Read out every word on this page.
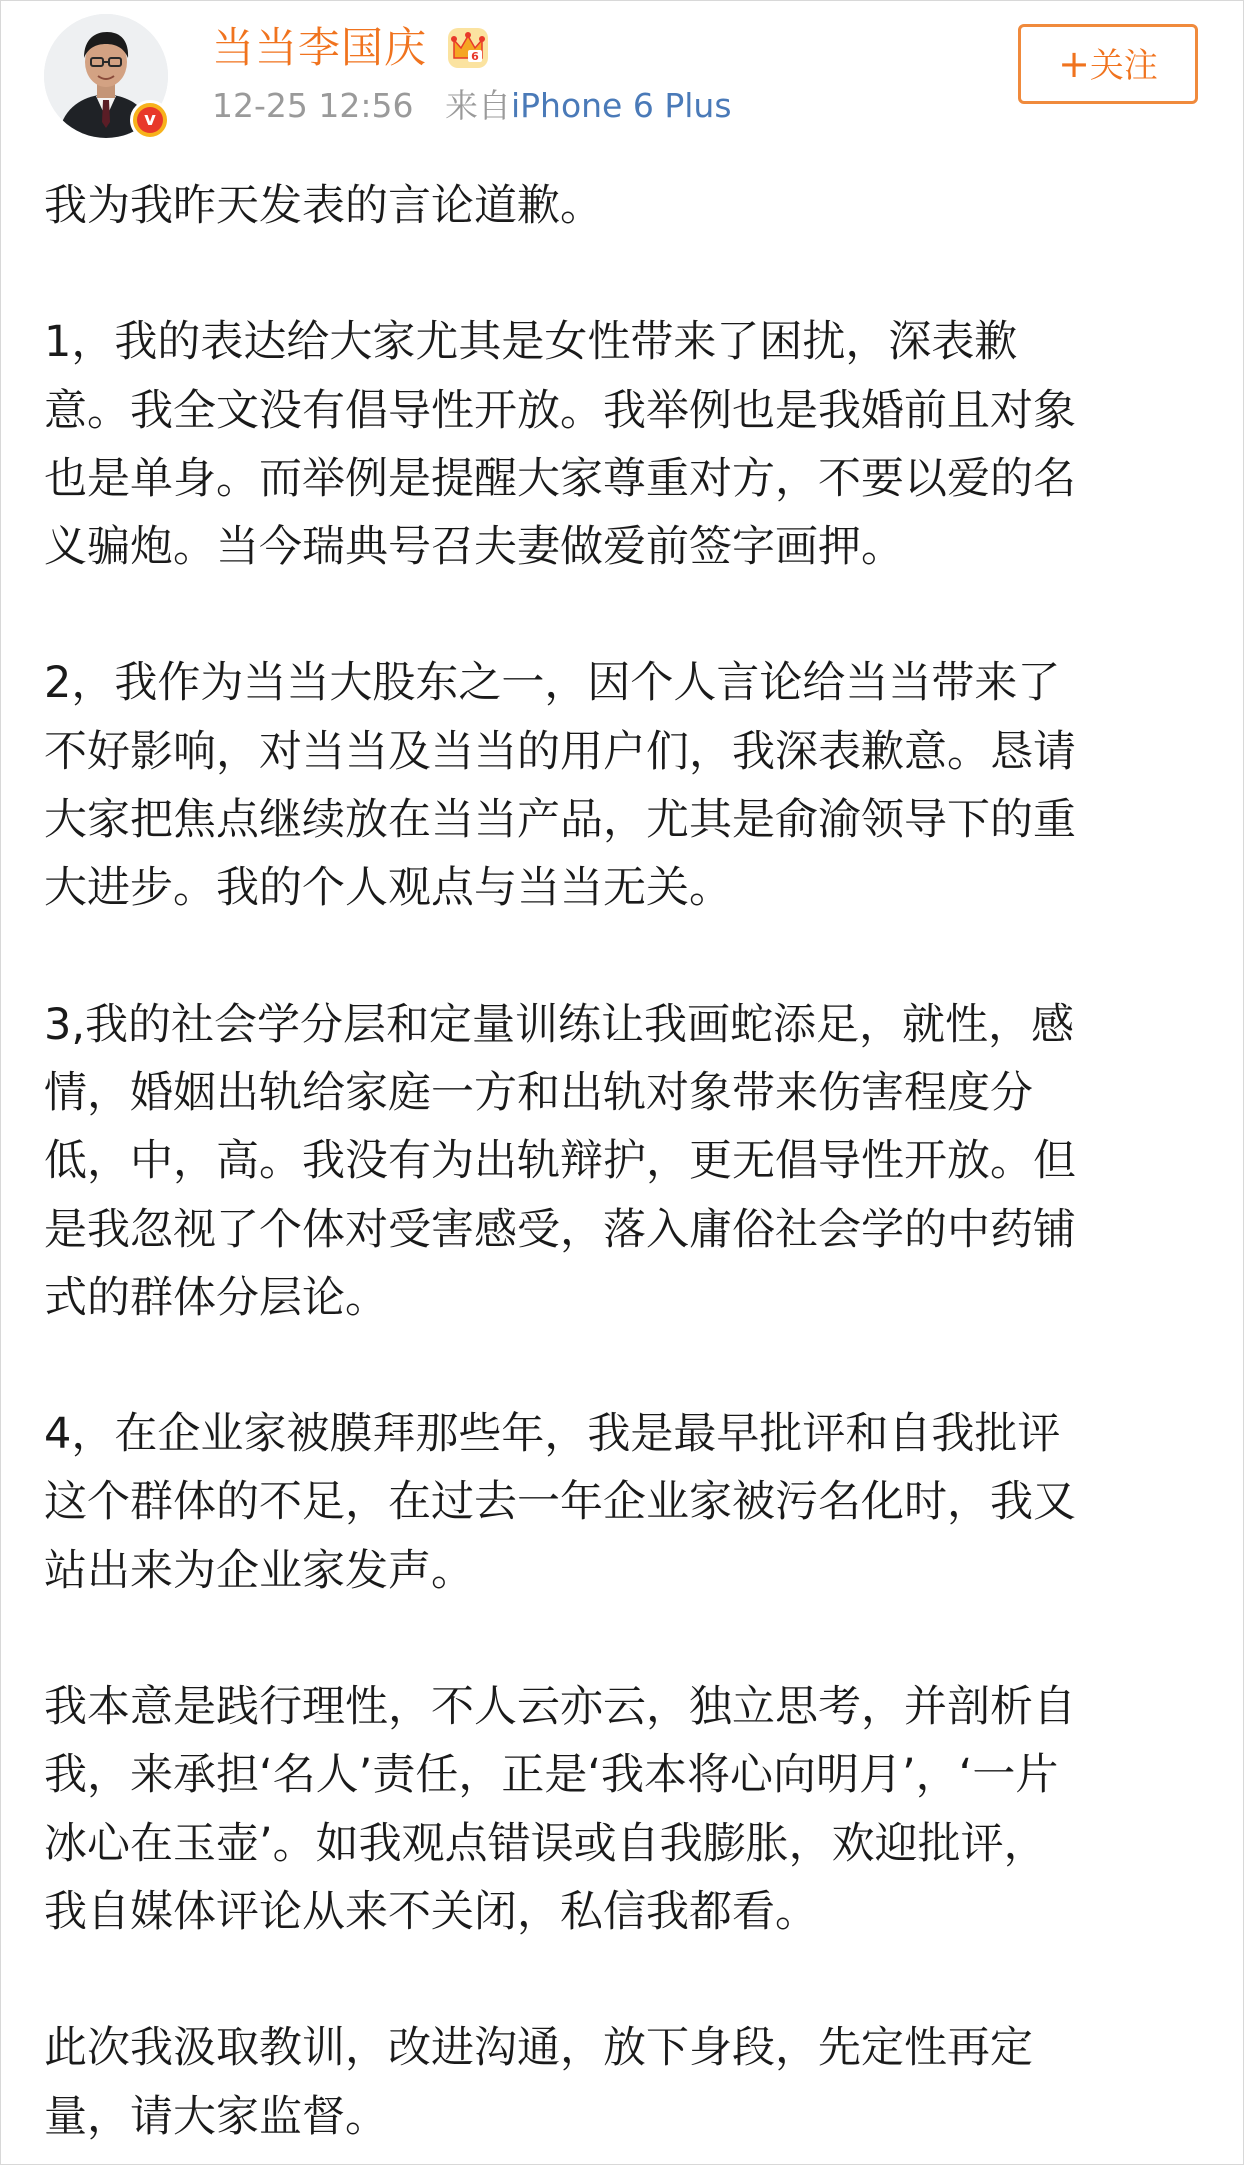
v
当当李国庆	6
12-25 12:56 来自iPhone 6 Plus
+关注

我为我昨天发表的言论道歉。

1，我的表达给大家尤其是女性带来了困扰，深表歉
意。我全文没有倡导性开放。我举例也是我婚前且对象
也是单身。而举例是提醒大家尊重对方，不要以爱的名
义骗炮。当今瑞典号召夫妻做爱前签字画押。

2，我作为当当大股东之一，因个人言论给当当带来了
不好影响，对当当及当当的用户们，我深表歉意。恳请
大家把焦点继续放在当当产品，尤其是俞渝领导下的重
大进步。我的个人观点与当当无关。

3,我的社会学分层和定量训练让我画蛇添足，就性，感
情，婚姻出轨给家庭一方和出轨对象带来伤害程度分
低，中，高。我没有为出轨辩护，更无倡导性开放。但
是我忽视了个体对受害感受，落入庸俗社会学的中药铺
式的群体分层论。

4，在企业家被膜拜那些年，我是最早批评和自我批评
这个群体的不足，在过去一年企业家被污名化时，我又
站出来为企业家发声。

我本意是践行理性，不人云亦云，独立思考，并剖析自
我，来承担‘名人’责任，正是‘我本将心向明月’，‘一片
冰心在玉壶’。如我观点错误或自我膨胀，欢迎批评，
我自媒体评论从来不关闭，私信我都看。

此次我汲取教训，改进沟通，放下身段，先定性再定
量，请大家监督。
